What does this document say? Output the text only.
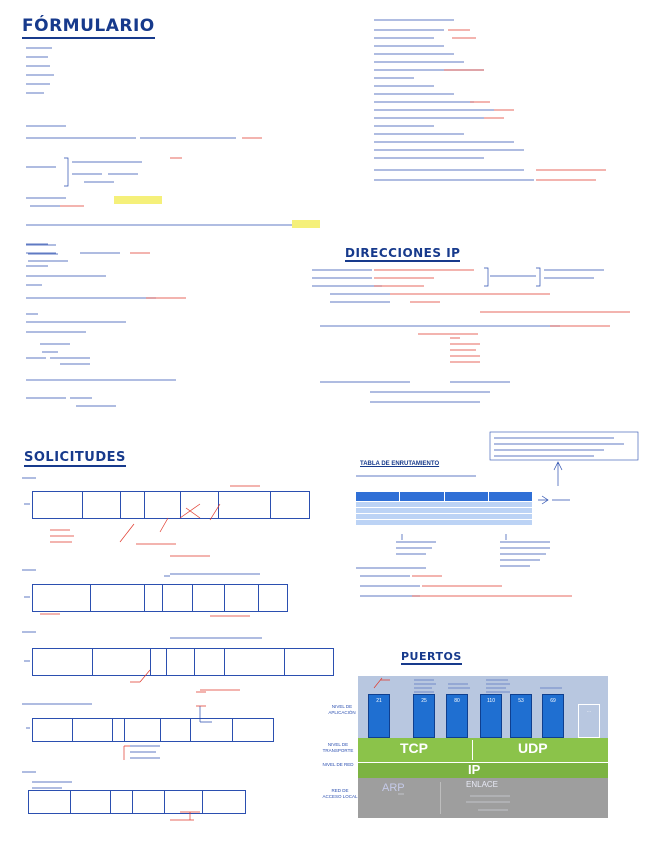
FÓRMULARIO

DIRECCIONES IP
SOLICITUDES	TABLA DE ENRUTAMIENTO

PUERTOS
NIVEL DE APLICACIÓN
NIVEL DE TRANSPORTE
NIVEL DE RED
RED DE ACCESO LOCAL
21	25	80	110	53	69
...
TCP	UDP
IP
ARP	ENLACE
